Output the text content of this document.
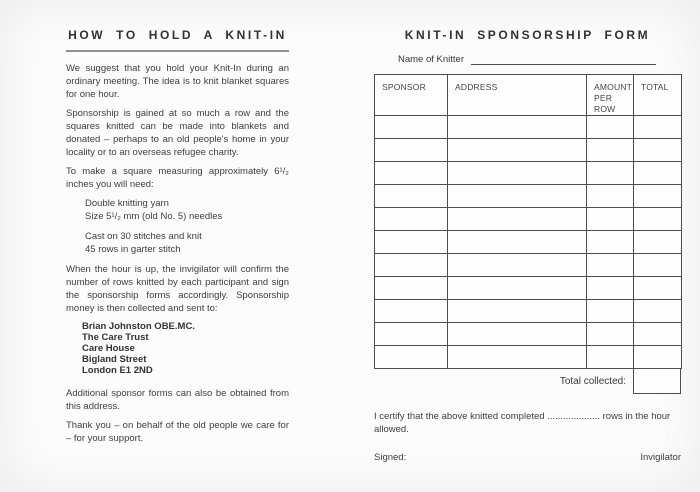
HOW TO HOLD A KNIT-IN

We suggest that you hold your Knit-In during an ordinary meeting. The idea is to knit blanket squares for one hour.

Sponsorship is gained at so much a row and the squares knitted can be made into blankets and donated – perhaps to an old people's home in your locality or to an overseas refugee charity.

To make a square measuring approximately 6¹/₂ inches you will need:

Double knitting yarn
Size 5¹/₂ mm (old No. 5) needles
Cast on 30 stitches and knit
45 rows in garter stitch

When the hour is up, the invigilator will confirm the number of rows knitted by each participant and sign the sponsorship forms accordingly. Sponsorship money is then collected and sent to:

Brian Johnston OBE.MC.
The Care Trust
Care House
Bigland Street
London E1 2ND

Additional sponsor forms can also be obtained from this address.

Thank you – on behalf of the old people we care for – for your support.

KNIT-IN SPONSORSHIP FORM
Name of Knitter
SPONSOR	ADDRESS	AMOUNT PER ROW	TOTAL

Total collected:

I certify that the above knitted completed .................... rows in the hour allowed.

Signed:	Invigilator
